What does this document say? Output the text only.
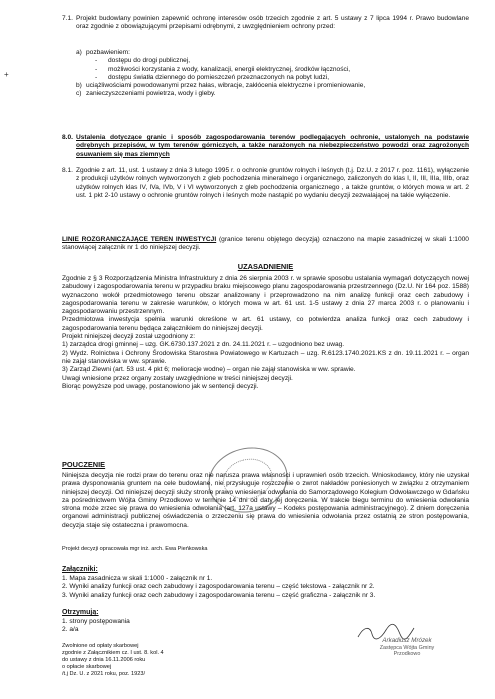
7.1. Projekt budowlany powinien zapewnić ochronę interesów osób trzecich zgodnie z art. 5 ustawy z 7 lipca 1994 r. Prawo budowlane oraz zgodnie z obowiązującymi przepisami odrębnymi, z uwzględnieniem ochrony przed:
+
a) pozbawieniem:
- dostępu do drogi publicznej,
- możliwości korzystania z wody, kanalizacji, energii elektrycznej, środków łączności,
- dostępu światła dziennego do pomieszczeń przeznaczonych na pobyt ludzi,
b) uciążliwościami powodowanymi przez hałas, wibracje, zakłócenia elektryczne i promieniowanie,
c) zanieczyszczeniami powietrza, wody i gleby.
8.0. Ustalenia dotyczące granic i sposób zagospodarowania terenów podlegających ochronie, ustalonych na podstawie odrębnych przepisów, w tym terenów górniczych, a także narażonych na niebezpieczeństwo powodzi oraz zagrożonych osuwaniem się mas ziemnych
8.1. Zgodnie z art. 11, ust. 1 ustawy z dnia 3 lutego 1995 r. o ochronie gruntów rolnych i leśnych (t.j. Dz.U. z 2017 r. poz. 1161), wyłączenie z produkcji użytków rolnych wytworzonych z gleb pochodzenia mineralnego i organicznego, zaliczonych do klas I, II, III, IIIa, IIIb, oraz użytków rolnych klas IV, IVa, IVb, V i VI wytworzonych z gleb pochodzenia organicznego , a także gruntów, o których mowa w art. 2 ust. 1 pkt 2-10 ustawy o ochronie gruntów rolnych i leśnych może nastąpić po wydaniu decyzji zezwalającej na takie wyłączenie.
LINIE ROZGRANICZAJĄCE TEREN INWESTYCJI (granice terenu objętego decyzją) oznaczono na mapie zasadniczej w skali 1:1000 stanowiącej załącznik nr 1 do niniejszej decyzji.
UZASADNIENIE
Zgodnie z § 3 Rozporządzenia Ministra Infrastruktury z dnia 26 sierpnia 2003 r. w sprawie sposobu ustalania wymagań dotyczących nowej zabudowy i zagospodarowania terenu w przypadku braku miejscowego planu zagospodarowania przestrzennego (Dz.U. Nr 164 poz. 1588) wyznaczono wokół przedmiotowego terenu obszar analizowany i przeprowadzono na nim analizę funkcji oraz cech zabudowy i zagospodarowania terenu w zakresie warunków, o których mowa w art. 61 ust. 1-5 ustawy z dnia 27 marca 2003 r. o planowaniu i zagospodarowaniu przestrzennym.
Przedmiotowa inwestycja spełnia warunki określone w art. 61 ustawy, co potwierdza analiza funkcji oraz cech zabudowy i zagospodarowania terenu będąca załącznikiem do niniejszej decyzji.
Projekt niniejszej decyzji został uzgodniony z:
1) zarządca drogi gminnej – uzg. GK.6730.137.2021 z dn. 24.11.2021 r. – uzgodniono bez uwag.
2) Wydz. Rolnictwa i Ochrony Środowiska Starostwa Powiatowego w Kartuzach – uzg. R.6123.1740.2021.KS z dn. 19.11.2021 r. – organ nie zajął stanowiska w ww. sprawie.
3) Zarząd Zlewni (art. 53 ust. 4 pkt 6; melioracje wodne) – organ nie zajął stanowiska w ww. sprawie.
Uwagi wniesione przez organy zostały uwzględnione w treści niniejszej decyzji.
Biorąc powyższe pod uwagę, postanowiono jak w sentencji decyzji.
POUCZENIE
Niniejsza decyzja nie rodzi praw do terenu oraz nie narusza prawa własności i uprawnień osób trzecich. Wnioskodawcy, który nie uzyskał prawa dysponowania gruntem na cele budowlane, nie przysługuje roszczenie o zwrot nakładów poniesionych w związku z otrzymaniem niniejszej decyzji. Od niniejszej decyzji służy stronie prawo wniesienia odwołania do Samorządowego Kolegium Odwoławczego w Gdańsku za pośrednictwem Wójta Gminy Przodkowo w terminie 14 dni od daty jej doręczenia. W trakcie biegu terminu do wniesienia odwołania strona może zrzec się prawa do wniesienia odwołania (art. 127a ustawy – Kodeks postępowania administracyjnego). Z dniem doręczenia organowi administracji publicznej oświadczenia o zrzeczeniu się prawa do wniesienia odwołania przez ostatnią ze stron postępowania, decyzja staje się ostateczna i prawomocna.
Projekt decyzji opracowała mgr inż. arch. Ewa Pieńkowska
Załączniki:
1. Mapa zasadnicza w skali 1:1000 - załącznik nr 1.
2. Wyniki analizy funkcji oraz cech zabudowy i zagospodarowania terenu – część tekstowa - załącznik nr 2.
3. Wyniki analizy funkcji oraz cech zabudowy i zagospodarowania terenu – część graficzna - załącznik nr 3.
Otrzymują:
1. strony postępowania
2. a/a
Zwolnione od opłaty skarbowej
zgodnie z Załącznikiem cz. I ust. 8. kol. 4
do ustawy z dnia 16.11.2006 roku
o opłacie skarbowej
/t.j Dz. U. z 2021 roku, poz. 1923/
Arkadiusz Mrózek
Zastępca Wójta Gminy
Przodkowo
